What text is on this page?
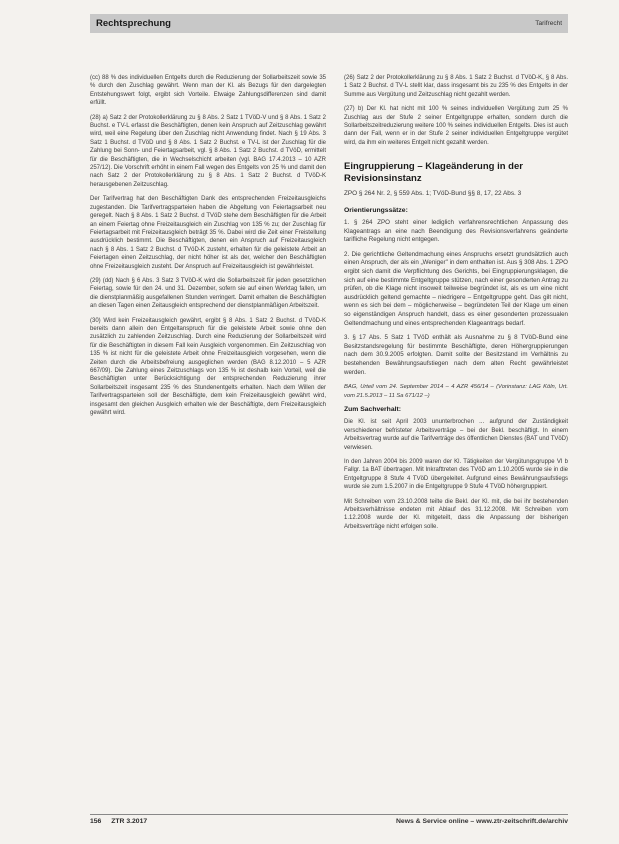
Rechtsprechung	Tarifrecht

(cc) 88 % des individuellen Entgelts durch die Reduzierung der Sollarbeitszeit sowie 35 % durch den Zuschlag gewährt. Wenn man der Kl. als Bezugs für den dargelegten Entstehungswert folgt, ergibt sich Vorteile. Etwaige Zahlungsdifferenzen sind damit erfüllt.

(28) a) Satz 2 der Protokollerklärung zu § 8 Abs. 2 Satz 1 TVöD-V und § 8 Abs. 1 Satz 2 Buchst. e TV-L erfasst die Beschäftigten, denen kein Anspruch auf Zeitzuschlag gewährt wird, weil eine Regelung über den Zuschlag nicht Anwendung findet. Nach § 19 Abs. 3 Satz 1 Buchst. d TVöD und § 8 Abs. 1 Satz 2 Buchst. e TV-L ist der Zuschlag für die Zahlung bei Sonn- und Feiertagsarbeit, vgl. § 8 Abs. 1 Satz 2 Buchst. d TVöD, ermittelt für die Beschäftigten, die in Wechselschicht arbeiten (vgl. BAG 17.4.2013 – 10 AZR 257/12). Die Vorschrift erhöht in einem Fall wegen des Entgelts von 25 % und damit den nach Satz 2 der Protokollerklärung zu § 8 Abs. 1 Satz 2 Buchst. d TVöD-K herausgebenen Zeitzuschlag.

Der Tarifvertrag hat den Beschäftigten Dank des entsprechenden Freizeitausgleichs zugestanden. Die Tarifvertragsparteien haben die Abgeltung von Feiertagsarbeit neu geregelt. Nach § 8 Abs. 1 Satz 2 Buchst. d TVöD stehe dem Beschäftigten für die Arbeit an einem Feiertag ohne Freizeitausgleich ein Zuschlag von 135 % zu; der Zuschlag für Feiertagsarbeit mit Freizeitausgleich beträgt 35 %. Dabei wird die Zeit einer Freistellung ausdrücklich bestimmt. Die Beschäftigten, denen ein Anspruch auf Freizeitausgleich nach § 8 Abs. 1 Satz 2 Buchst. d TVöD-K zusteht, erhalten für die geleistete Arbeit an Feiertagen einen Zeitzuschlag, der nicht höher ist als der, welcher den Beschäftigten ohne Freizeitausgleich zusteht. Der Anspruch auf Freizeitausgleich ist gewährleistet.

(29) (dd) Nach § 6 Abs. 3 Satz 3 TVöD-K wird die Sollarbeitszeit für jeden gesetzlichen Feiertag, sowie für den 24. und 31. Dezember, sofern sie auf einen Werktag fallen, um die dienstplanmäßig ausgefallenen Stunden verringert. Damit erhalten die Beschäftigten an diesen Tagen einen Zeitausgleich entsprechend der dienstplanmäßigen Arbeitszeit.

(30) Wird kein Freizeitausgleich gewährt, ergibt § 8 Abs. 1 Satz 2 Buchst. d TVöD-K bereits dann allein den Entgeltanspruch für die geleistete Arbeit sowie ohne den zusätzlich zu zahlenden Zeitzuschlag. Durch eine Reduzierung der Sollarbeitszeit wird für die Beschäftigten in diesem Fall kein Ausgleich vorgenommen. Ein Zeitzuschlag von 135 % ist nicht für die geleistete Arbeit ohne Freizeitausgleich vorgesehen, wenn die Zeiten durch die Arbeitsbefreiung ausgeglichen werden (BAG 8.12.2010 – 5 AZR 667/09). Die Zahlung eines Zeitzuschlags von 135 % ist deshalb kein Vorteil, weil die Beschäftigten unter Berücksichtigung der entsprechenden Reduzierung ihrer Sollarbeitszeit insgesamt 235 % des Stundenentgelts erhalten. Nach dem Willen der Tarifvertragsparteien soll der Beschäftigte, dem kein Freizeitausgleich gewährt wird, insgesamt den gleichen Ausgleich erhalten wie der Beschäftigte, dem Freizeitausgleich gewährt wird.

(26) Satz 2 der Protokollerklärung zu § 8 Abs. 1 Satz 2 Buchst. d TVöD-K, § 8 Abs. 1 Satz 2 Buchst. d TV-L stellt klar, dass insgesamt bis zu 235 % des Entgelts in der Summe aus Vergütung und Zeitzuschlag nicht gezahlt werden.

(27) b) Der Kl. hat nicht mit 100 % seines individuellen Vergütung zum 25 % Zuschlag aus der Stufe 2 seiner Entgeltgruppe erhalten, sondern durch die Sollarbeitszeitreduzierung weitere 100 % seines individuellen Entgelts. Dies ist auch dann der Fall, wenn er in der Stufe 2 seiner individuellen Entgeltgruppe vergütet wird, da ihm ein weiteres Entgelt nicht gezahlt werden.

Eingruppierung – Klageänderung in der Revisionsinstanz

ZPO § 264 Nr. 2, § 559 Abs. 1; TVöD-Bund §§ 8, 17, 22 Abs. 3

Orientierungssätze:

1. § 264 ZPO steht einer lediglich verfahrensrechtlichen Anpassung des Klageantrags an eine nach Beendigung des Revisionsverfahrens geänderte tarifliche Regelung nicht entgegen.

2. Die gerichtliche Geltendmachung eines Anspruchs ersetzt grundsätzlich auch einen Anspruch, der als ein „Weniger" in dem enthalten ist. Aus § 308 Abs. 1 ZPO ergibt sich damit die Verpflichtung des Gerichts, bei Eingruppierungsklagen, die sich auf eine bestimmte Entgeltgruppe stützen, nach einer gesonderten Antrag zu prüfen, ob die Klage nicht insoweit teilweise begründet ist, als es um eine nicht ausdrücklich geltend gemachte – niedrigere – Entgeltgruppe geht. Das gilt nicht, wenn es sich bei dem – möglicherweise – begründeten Teil der Klage um einen so eigenständigen Anspruch handelt, dass es einer gesonderten prozessualen Geltendmachung und eines entsprechenden Klageantrags bedarf.

3. § 17 Abs. 5 Satz 1 TVöD enthält als Ausnahme zu § 8 TVöD-Bund eine Besitzstandsregelung für bestimmte Beschäftigte, deren Höhergruppierungen nach dem 30.9.2005 erfolgten. Damit sollte der Besitzstand im Verhältnis zu bestehenden Bewährungsaufstiegen nach dem alten Recht gewährleistet werden.

BAG, Urteil vom 24. September 2014 – 4 AZR 456/14 – (Vorinstanz: LAG Köln, Urt. vom 21.5.2013 – 11 Sa 671/12 –)

Zum Sachverhalt:

Die Kl. ist seit April 2003 ununterbrochen ... aufgrund der Zuständigkeit verschiedener befristeter Arbeitsverträge – bei der Bekl. beschäftigt. In einem Arbeitsvertrag wurde auf die Tarifverträge des öffentlichen Dienstes (BAT und TVöD) verwiesen.

In den Jahren 2004 bis 2009 waren der Kl. Tätigkeiten der Vergütungsgruppe VI b Fallgr. 1a BAT übertragen. Mit Inkrafttreten des TVöD am 1.10.2005 wurde sie in die Entgeltgruppe 8 Stufe 4 TVöD übergeleitet. Aufgrund eines Bewährungsaufstiegs wurde sie zum 1.5.2007 in die Entgeltgruppe 9 Stufe 4 TVöD höhergruppiert.

Mit Schreiben vom 23.10.2008 teilte die Bekl. der Kl. mit, die bei ihr bestehenden Arbeitsverhältnisse endeten mit Ablauf des 31.12.2008. Mit Schreiben vom 1.12.2008 wurde der Kl. mitgeteilt, dass die Anpassung der bisherigen Arbeitsverträge nicht erfolgen solle.

156 ZTR 3.2017	News & Service online – www.ztr-zeitschrift.de/archiv
